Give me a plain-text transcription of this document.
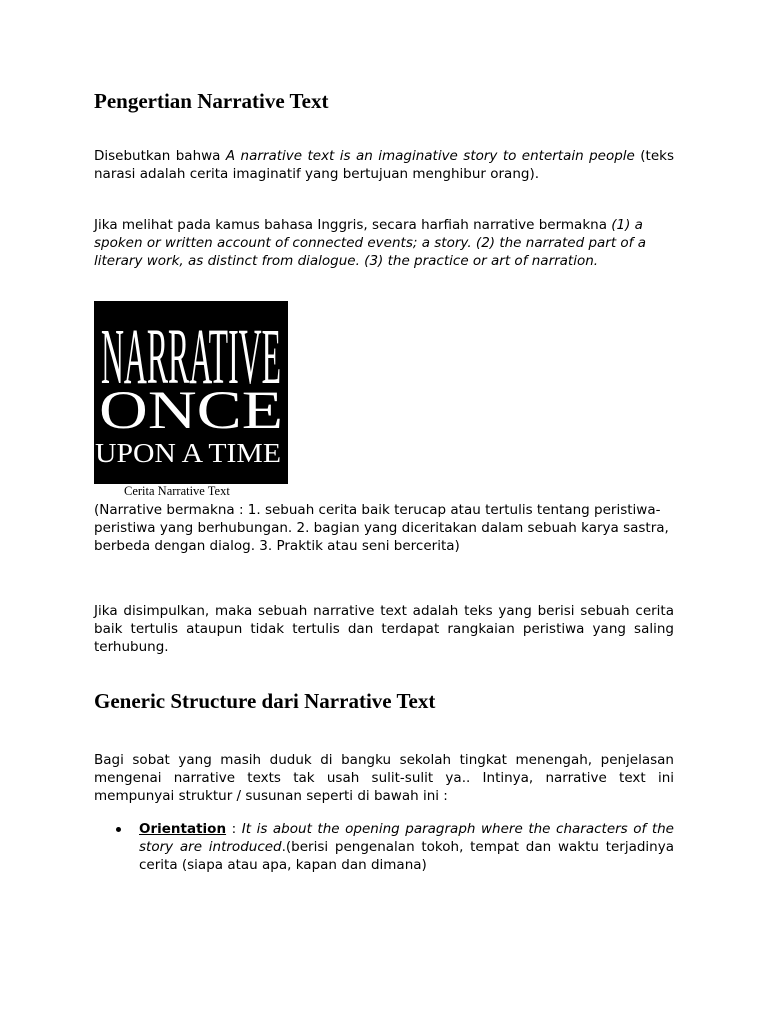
Pengertian Narrative Text

Disebutkan bahwa A narrative text is an imaginative story to entertain people (teks narasi adalah cerita imaginatif yang bertujuan menghibur orang).

Jika melihat pada kamus bahasa Inggris, secara harfiah narrative bermakna (1) a spoken or written account of connected events; a story. (2) the narrated part of a literary work, as distinct from dialogue. (3) the practice or art of narration.

NARRATIVE
ONCE
UPON A TIME
Cerita Narrative Text

(Narrative bermakna : 1. sebuah cerita baik terucap atau tertulis tentang peristiwa-peristiwa yang berhubungan. 2. bagian yang diceritakan dalam sebuah karya sastra, berbeda dengan dialog. 3. Praktik atau seni bercerita)

Jika disimpulkan, maka sebuah narrative text adalah teks yang berisi sebuah cerita baik tertulis ataupun tidak tertulis dan terdapat rangkaian peristiwa yang saling terhubung.

Generic Structure dari Narrative Text

Bagi sobat yang masih duduk di bangku sekolah tingkat menengah, penjelasan mengenai narrative texts tak usah sulit-sulit ya.. Intinya, narrative text ini mempunyai struktur / susunan seperti di bawah ini :

Orientation : It is about the opening paragraph where the characters of the story are introduced.(berisi pengenalan tokoh, tempat dan waktu terjadinya cerita (siapa atau apa, kapan dan dimana)
